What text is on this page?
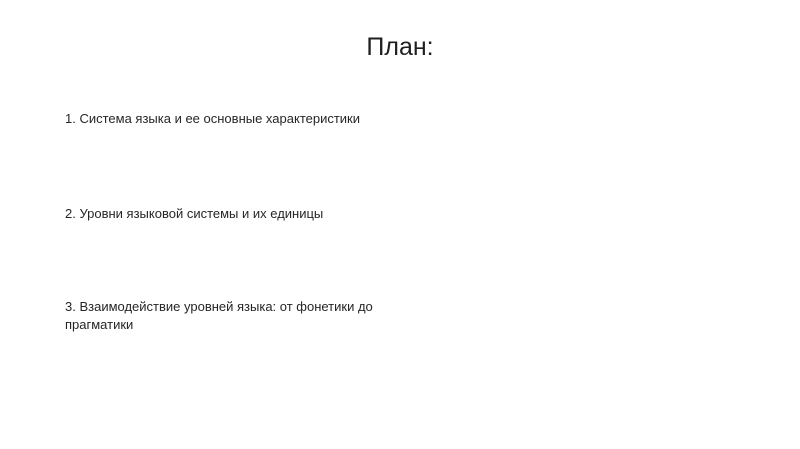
План:

1. Система языка и ее основные характеристики

2. Уровни языковой системы и их единицы

3. Взаимодействие уровней языка: от фонетики до прагматики
